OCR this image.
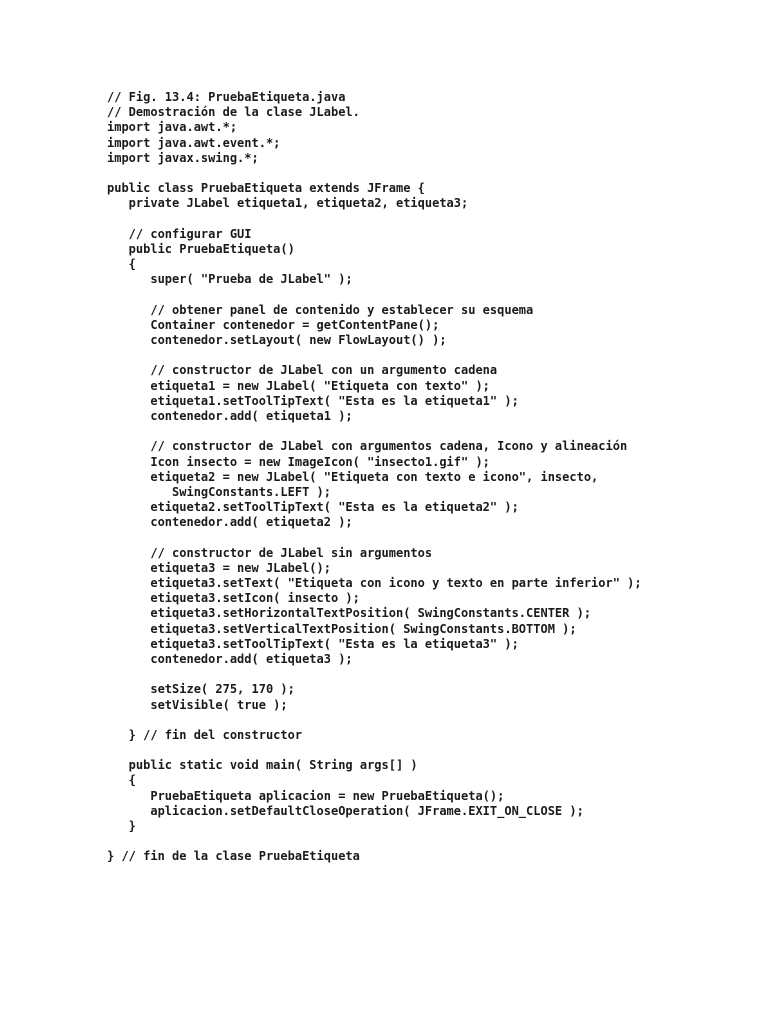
// Fig. 13.4: PruebaEtiqueta.java
// Demostración de la clase JLabel.
import java.awt.*;
import java.awt.event.*;
import javax.swing.*;
public class PruebaEtiqueta extends JFrame {
private JLabel etiqueta1, etiqueta2, etiqueta3;
// configurar GUI
public PruebaEtiqueta()
{
super( "Prueba de JLabel" );
// obtener panel de contenido y establecer su esquema
Container contenedor = getContentPane();
contenedor.setLayout( new FlowLayout() );
// constructor de JLabel con un argumento cadena
etiqueta1 = new JLabel( "Etiqueta con texto" );
etiqueta1.setToolTipText( "Esta es la etiqueta1" );
contenedor.add( etiqueta1 );
// constructor de JLabel con argumentos cadena, Icono y alineación
Icon insecto = new ImageIcon( "insecto1.gif" );
etiqueta2 = new JLabel( "Etiqueta con texto e icono", insecto,
SwingConstants.LEFT );
etiqueta2.setToolTipText( "Esta es la etiqueta2" );
contenedor.add( etiqueta2 );
// constructor de JLabel sin argumentos
etiqueta3 = new JLabel();
etiqueta3.setText( "Etiqueta con icono y texto en parte inferior" );
etiqueta3.setIcon( insecto );
etiqueta3.setHorizontalTextPosition( SwingConstants.CENTER );
etiqueta3.setVerticalTextPosition( SwingConstants.BOTTOM );
etiqueta3.setToolTipText( "Esta es la etiqueta3" );
contenedor.add( etiqueta3 );
setSize( 275, 170 );
setVisible( true );
} // fin del constructor
public static void main( String args[] )
{
PruebaEtiqueta aplicacion = new PruebaEtiqueta();
aplicacion.setDefaultCloseOperation( JFrame.EXIT_ON_CLOSE );
}
} // fin de la clase PruebaEtiqueta
